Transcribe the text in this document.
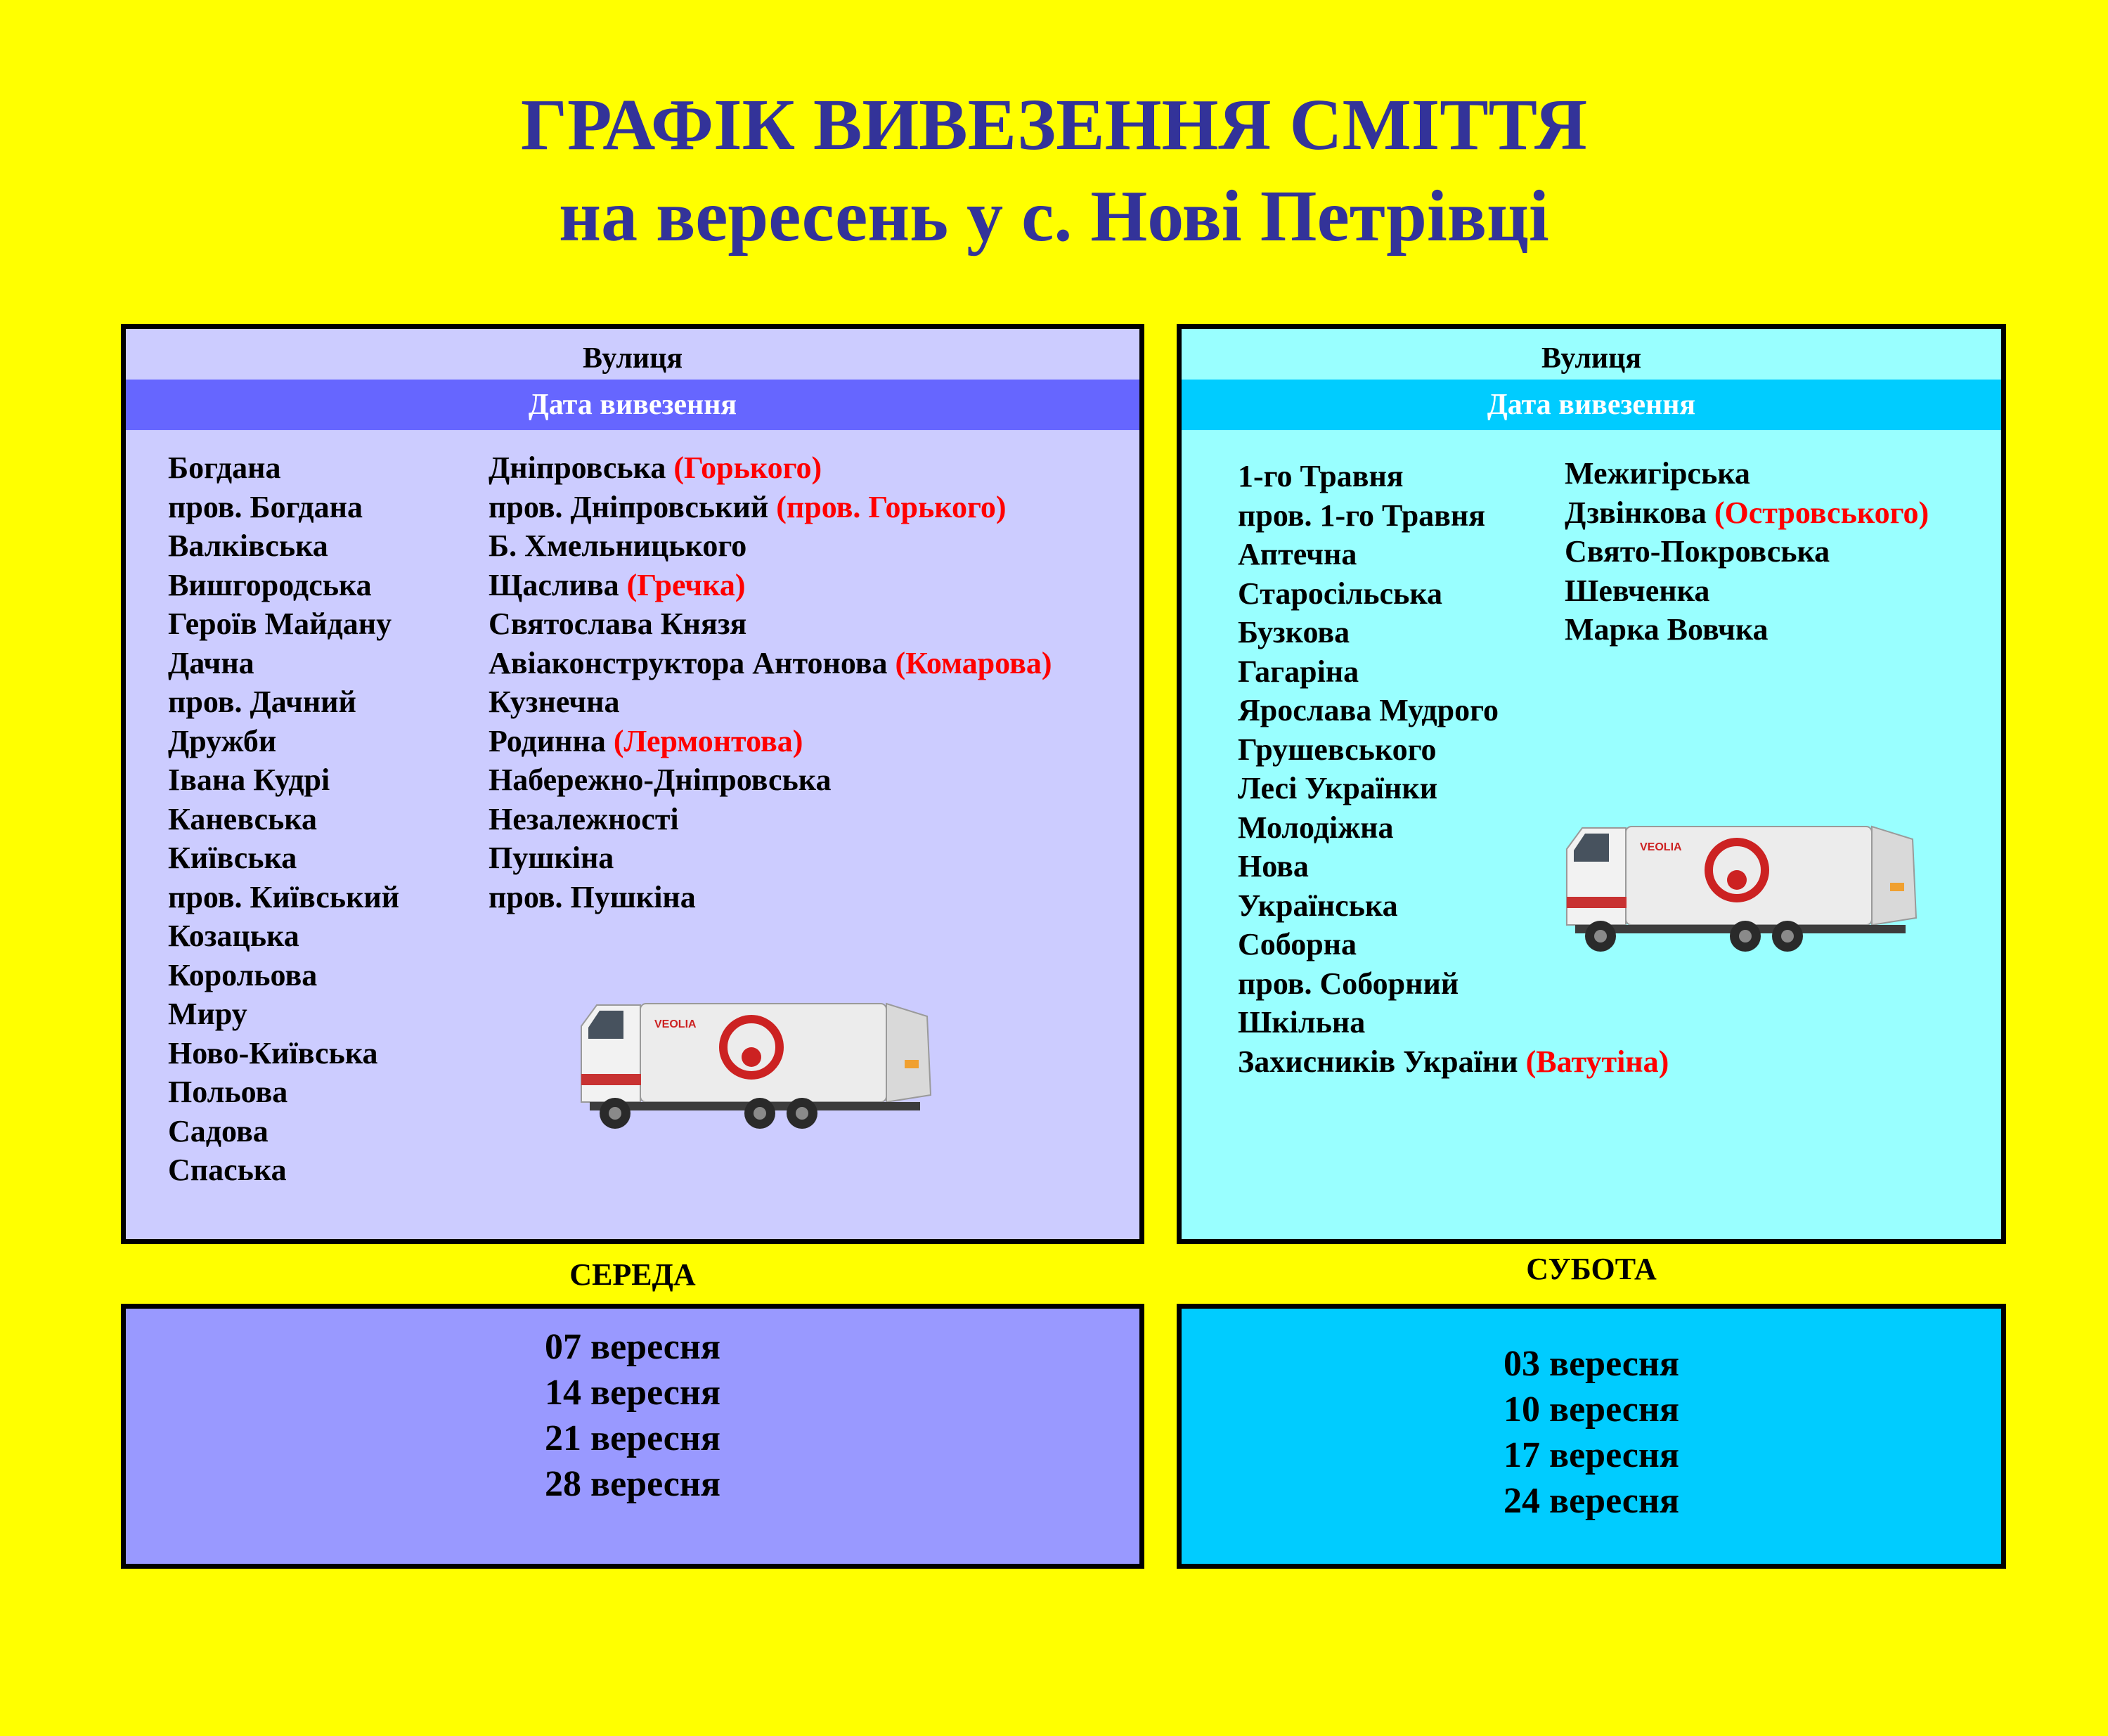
ГРАФІК ВИВЕЗЕННЯ СМІТТЯ
на вересень у с. Нові Петрівці
Вулиця
Дата вивезення
Богдана
пров. Богдана
Валківська
Вишгородська
Героїв Майдану
Дачна
пров. Дачний
Дружби
Івана Кудрі
Каневська
Київська
пров. Київський
Козацька
Корольова
Миру
Ново-Київська
Польова
Садова
Спаська
Дніпровська (Горького)
пров. Дніпровський (пров. Горького)
Б. Хмельницького
Щаслива (Гречка)
Святослава Князя
Авіаконструктора Антонова (Комарова)
Кузнечна
Родинна (Лермонтова)
Набережно-Дніпровська
Незалежності
Пушкіна
пров. Пушкіна
VEOLIA
Вулиця
Дата вивезення
1-го Травня
пров. 1-го Травня
Аптечна
Старосільська
Бузкова
Гагаріна
Ярослава Мудрого
Грушевського
Лесі Українки
Молодіжна
Нова
Українська
Соборна
пров. Соборний
Шкільна
Захисників України (Ватутіна)
Межигірська
Дзвінкова (Островського)
Свято-Покровська
Шевченка
Марка Вовчка
VEOLIA
СЕРЕДА	СУБОТА
07 вересня
14 вересня
21 вересня
28 вересня
03 вересня
10 вересня
17 вересня
24 вересня
